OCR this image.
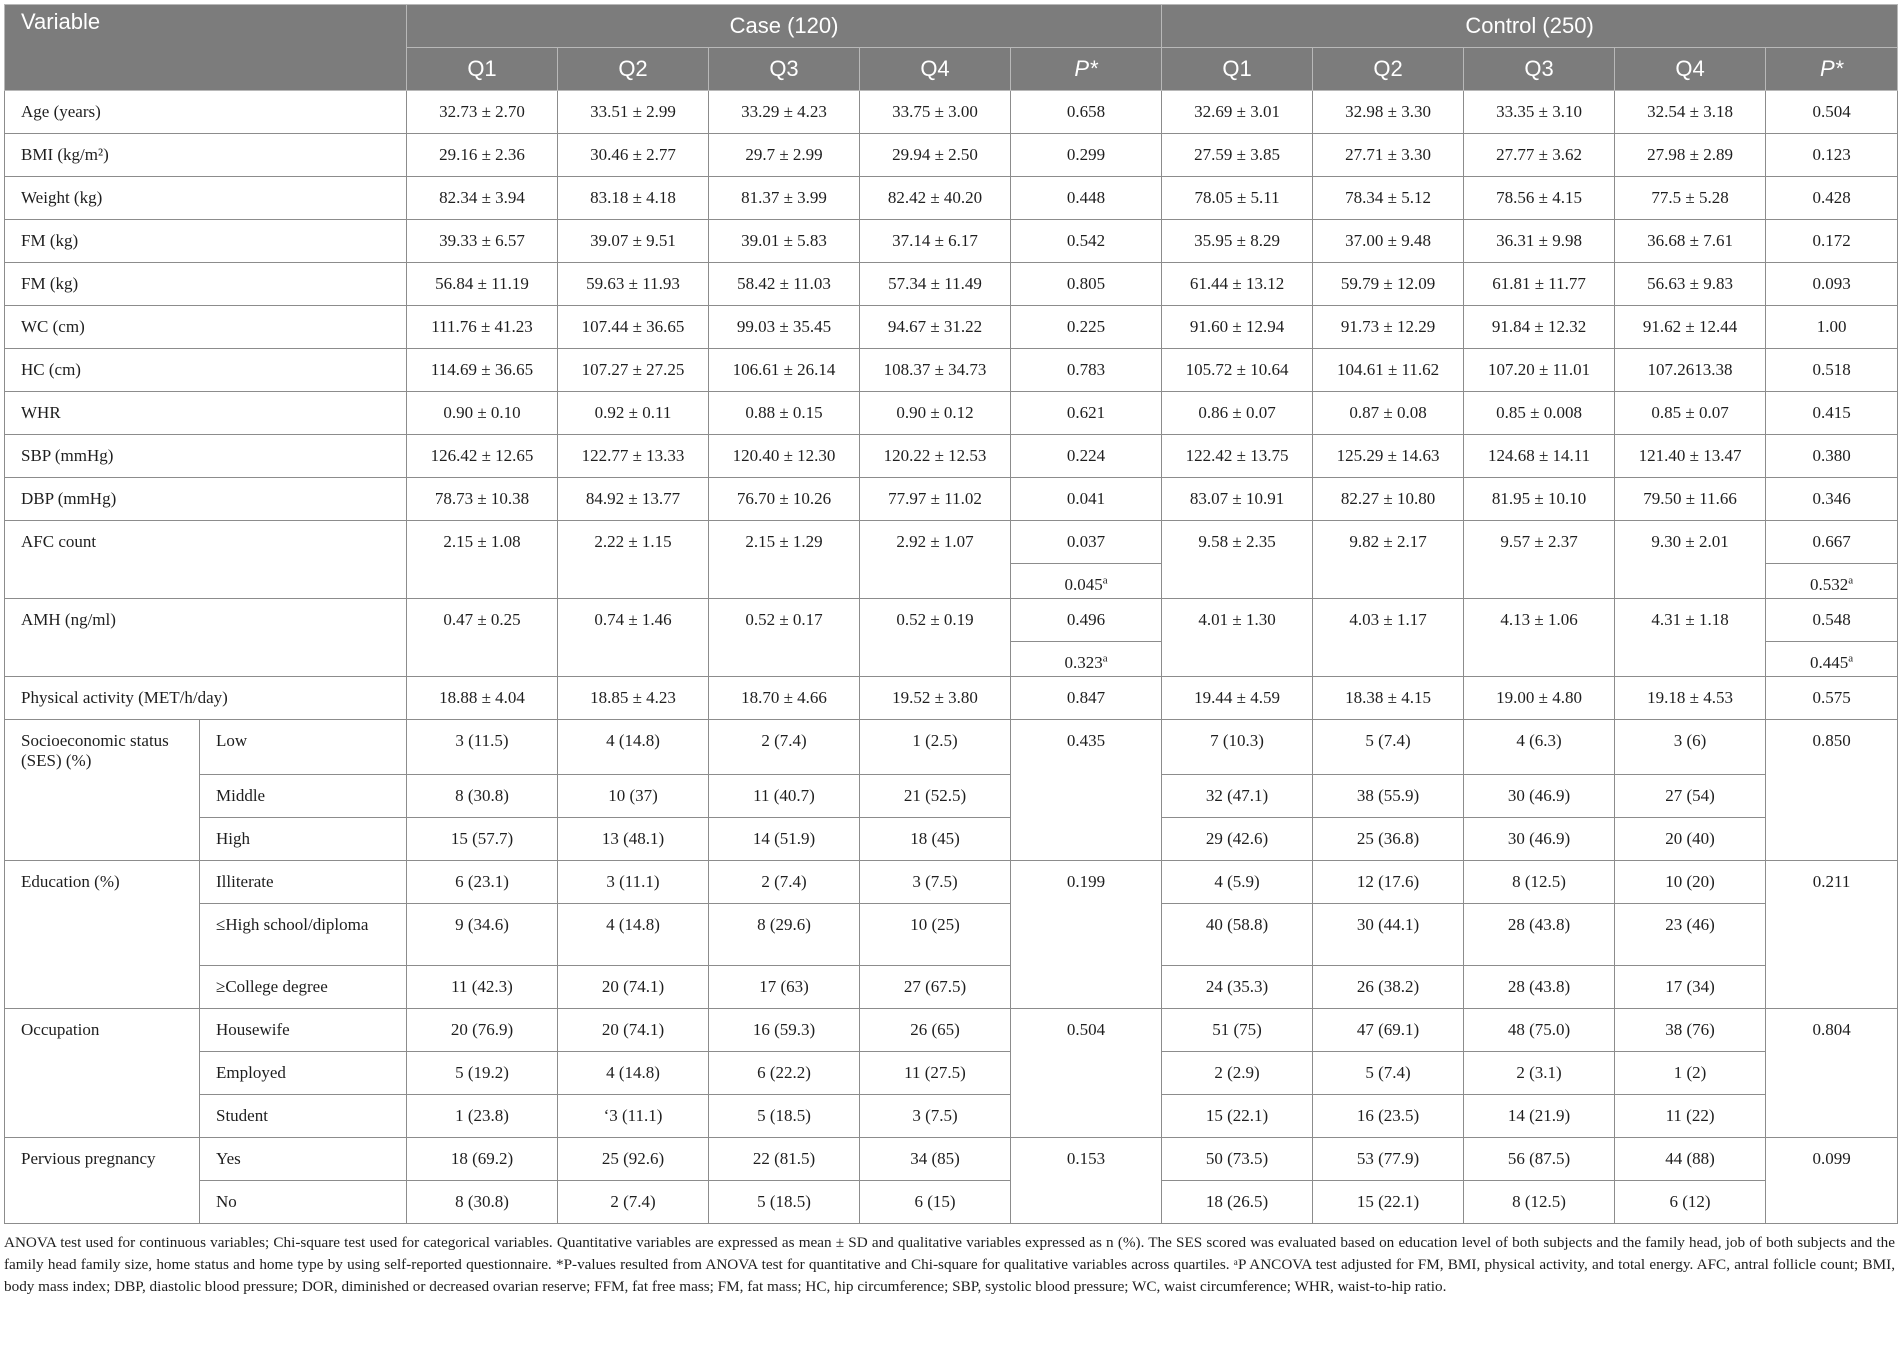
Variable		Case (120)					Control (250)				
		Q1	Q2	Q3	Q4	P*	Q1	Q2	Q3	Q4	P*
Age (years)		32.73 ± 2.70	33.51 ± 2.99	33.29 ± 4.23	33.75 ± 3.00	0.658	32.69 ± 3.01	32.98 ± 3.30	33.35 ± 3.10	32.54 ± 3.18	0.504
BMI (kg/m²)		29.16 ± 2.36	30.46 ± 2.77	29.7 ± 2.99	29.94 ± 2.50	0.299	27.59 ± 3.85	27.71 ± 3.30	27.77 ± 3.62	27.98 ± 2.89	0.123
Weight (kg)		82.34 ± 3.94	83.18 ± 4.18	81.37 ± 3.99	82.42 ± 40.20	0.448	78.05 ± 5.11	78.34 ± 5.12	78.56 ± 4.15	77.5 ± 5.28	0.428
FM (kg)		39.33 ± 6.57	39.07 ± 9.51	39.01 ± 5.83	37.14 ± 6.17	0.542	35.95 ± 8.29	37.00 ± 9.48	36.31 ± 9.98	36.68 ± 7.61	0.172
FM (kg)		56.84 ± 11.19	59.63 ± 11.93	58.42 ± 11.03	57.34 ± 11.49	0.805	61.44 ± 13.12	59.79 ± 12.09	61.81 ± 11.77	56.63 ± 9.83	0.093
WC (cm)		111.76 ± 41.23	107.44 ± 36.65	99.03 ± 35.45	94.67 ± 31.22	0.225	91.60 ± 12.94	91.73 ± 12.29	91.84 ± 12.32	91.62 ± 12.44	1.00
HC (cm)		114.69 ± 36.65	107.27 ± 27.25	106.61 ± 26.14	108.37 ± 34.73	0.783	105.72 ± 10.64	104.61 ± 11.62	107.20 ± 11.01	107.2613.38	0.518
WHR		0.90 ± 0.10	0.92 ± 0.11	0.88 ± 0.15	0.90 ± 0.12	0.621	0.86 ± 0.07	0.87 ± 0.08	0.85 ± 0.008	0.85 ± 0.07	0.415
SBP (mmHg)		126.42 ± 12.65	122.77 ± 13.33	120.40 ± 12.30	120.22 ± 12.53	0.224	122.42 ± 13.75	125.29 ± 14.63	124.68 ± 14.11	121.40 ± 13.47	0.380
DBP (mmHg)		78.73 ± 10.38	84.92 ± 13.77	76.70 ± 10.26	77.97 ± 11.02	0.041	83.07 ± 10.91	82.27 ± 10.80	81.95 ± 10.10	79.50 ± 11.66	0.346
AFC count		2.15 ± 1.08	2.22 ± 1.15	2.15 ± 1.29	2.92 ± 1.07	0.037	9.58 ± 2.35	9.82 ± 2.17	9.57 ± 2.37	9.30 ± 2.01	0.667
						0.045$^a$					0.532$^a$
AMH (ng/ml)		0.47 ± 0.25	0.74 ± 1.46	0.52 ± 0.17	0.52 ± 0.19	0.496	4.01 ± 1.30	4.03 ± 1.17	4.13 ± 1.06	4.31 ± 1.18	0.548
						0.323$^a$					0.445$^a$
Physical activity (MET/h/day)		18.88 ± 4.04	18.85 ± 4.23	18.70 ± 4.66	19.52 ± 3.80	0.847	19.44 ± 4.59	18.38 ± 4.15	19.00 ± 4.80	19.18 ± 4.53	0.575
Socioeconomic status (SES) (%)	Low	3 (11.5)	4 (14.8)	2 (7.4)	1 (2.5)	0.435	7 (10.3)	5 (7.4)	4 (6.3)	3 (6)	0.850
	Middle	8 (30.8)	10 (37)	11 (40.7)	21 (52.5)		32 (47.1)	38 (55.9)	30 (46.9)	27 (54)	
	High	15 (57.7)	13 (48.1)	14 (51.9)	18 (45)		29 (42.6)	25 (36.8)	30 (46.9)	20 (40)	
Education (%)	Illiterate	6 (23.1)	3 (11.1)	2 (7.4)	3 (7.5)	0.199	4 (5.9)	12 (17.6)	8 (12.5)	10 (20)	0.211
	≤High school/diploma	9 (34.6)	4 (14.8)	8 (29.6)	10 (25)		40 (58.8)	30 (44.1)	28 (43.8)	23 (46)	
	≥College degree	11 (42.3)	20 (74.1)	17 (63)	27 (67.5)		24 (35.3)	26 (38.2)	28 (43.8)	17 (34)	
Occupation	Housewife	20 (76.9)	20 (74.1)	16 (59.3)	26 (65)	0.504	51 (75)	47 (69.1)	48 (75.0)	38 (76)	0.804
	Employed	5 (19.2)	4 (14.8)	6 (22.2)	11 (27.5)		2 (2.9)	5 (7.4)	2 (3.1)	1 (2)	
	Student	1 (23.8)	‘3 (11.1)	5 (18.5)	3 (7.5)		15 (22.1)	16 (23.5)	14 (21.9)	11 (22)	
Pervious pregnancy	Yes	18 (69.2)	25 (92.6)	22 (81.5)	34 (85)	0.153	50 (73.5)	53 (77.9)	56 (87.5)	44 (88)	0.099
	No	8 (30.8)	2 (7.4)	5 (18.5)	6 (15)		18 (26.5)	15 (22.1)	8 (12.5)	6 (12)	
ANOVA test used for continuous variables; Chi-square test used for categorical variables. Quantitative variables are expressed as mean ± SD and qualitative variables expressed as n (%). The SES scored was evaluated based on education level of both subjects and the family head, job of both subjects and the family head family size, home status and home type by using self-reported questionnaire. *P-values resulted from ANOVA test for quantitative and Chi-square for qualitative variables across quartiles. ᵃP ANCOVA test adjusted for FM, BMI, physical activity, and total energy. AFC, antral follicle count; BMI, body mass index; DBP, diastolic blood pressure; DOR, diminished or decreased ovarian reserve; FFM, fat free mass; FM, fat mass; HC, hip circumference; SBP, systolic blood pressure; WC, waist circumference; WHR, waist-to-hip ratio.
